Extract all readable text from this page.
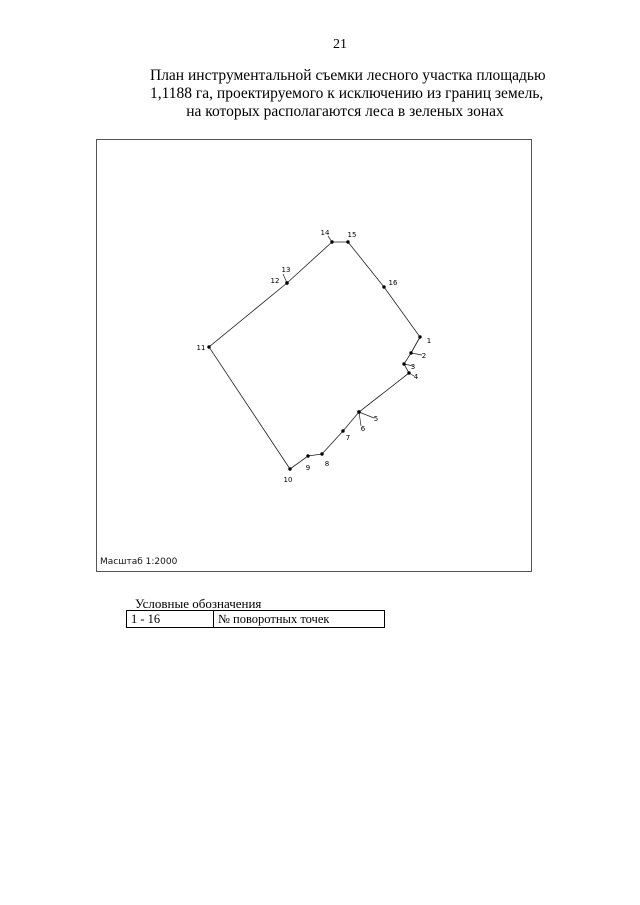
21
План инструментальной съемки лесного участка площадью
1,1188 га, проектируемого к исключению из границ земель,
на которых располагаются леса в зеленых зонах
1
2
3
4
5
6
7
8
9
10
11
12
13
14	15
16
Масштаб 1:2000
Условные обозначения
1 - 16	№ поворотных точек
